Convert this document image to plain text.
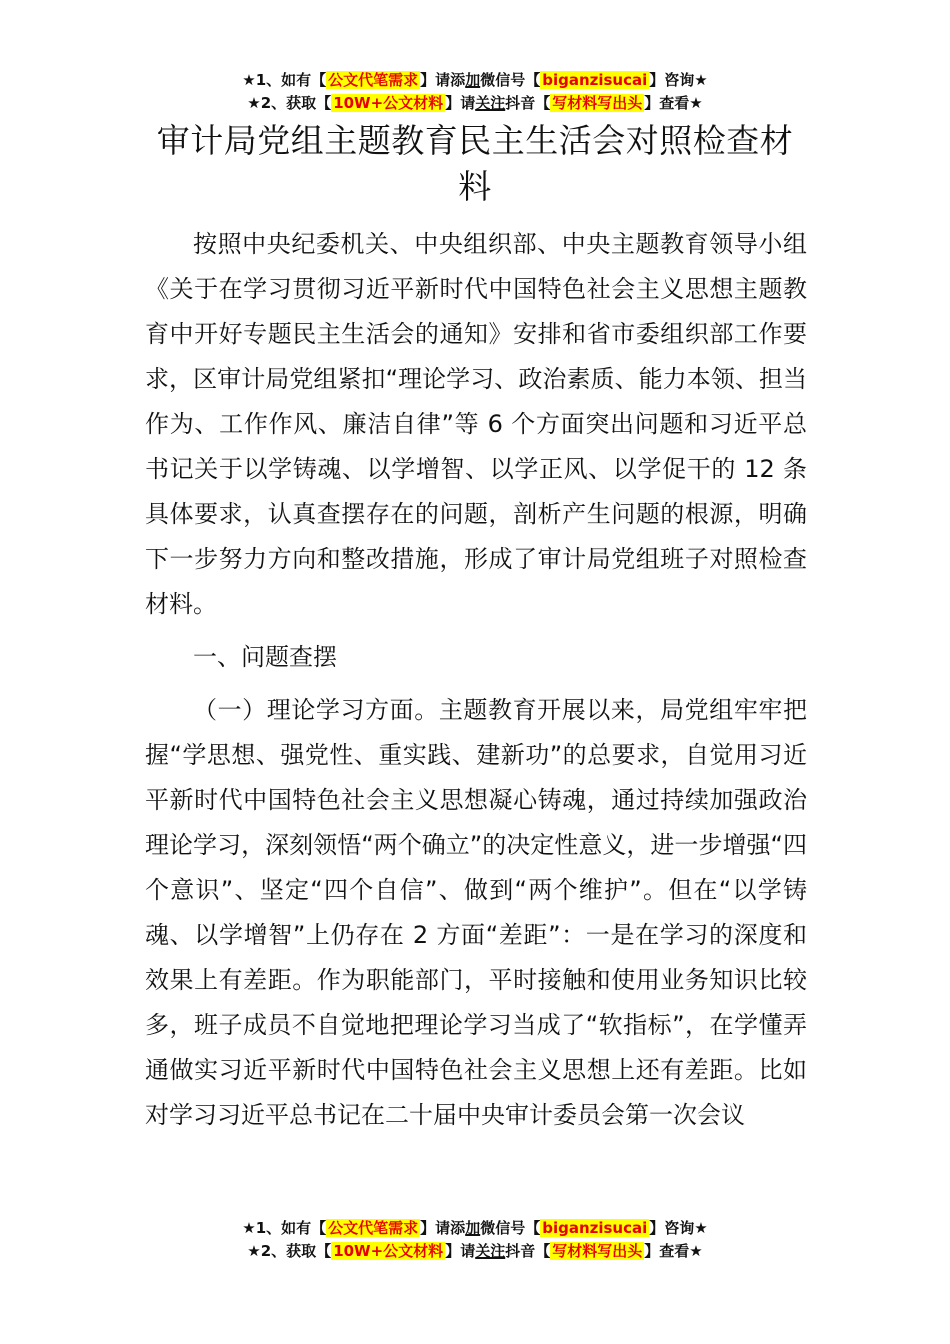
★1、如有【 公文代笔需求 】请添加微信号【 biganzisucai 】咨询★
★2、获取【 10W+公文材料 】请关注抖音【 写材料写出头 】查看★
审计局党组主题教育民主生活会对照检查材料

按照中央纪委机关、中央组织部、中央主题教育领导小组《关于在学习贯彻习近平新时代中国特色社会主义思想主题教育中开好专题民主生活会的通知》安排和省市委组织部工作要求，区审计局党组紧扣“理论学习、政治素质、能力本领、担当作为、工作作风、廉洁自律”等 6 个方面突出问题和习近平总书记关于以学铸魂、以学增智、以学正风、以学促干的 12 条具体要求，认真查摆存在的问题，剖析产生问题的根源，明确下一步努力方向和整改措施，形成了审计局党组班子对照检查材料。

一、问题查摆

（一）理论学习方面。主题教育开展以来，局党组牢牢把握“学思想、强党性、重实践、建新功”的总要求，自觉用习近平新时代中国特色社会主义思想凝心铸魂，通过持续加强政治理论学习，深刻领悟“两个确立”的决定性意义，进一步增强“四个意识”、坚定“四个自信”、做到“两个维护”。但在“以学铸魂、以学增智”上仍存在 2 方面“差距”：一是在学习的深度和效果上有差距。作为职能部门，平时接触和使用业务知识比较多，班子成员不自觉地把理论学习当成了“软指标”，在学懂弄通做实习近平新时代中国特色社会主义思想上还有差距。比如对学习习近平总书记在二十届中央审计委员会第一次会议

★1、如有【 公文代笔需求 】请添加微信号【 biganzisucai 】咨询★
★2、获取【 10W+公文材料 】请关注抖音【 写材料写出头 】查看★
